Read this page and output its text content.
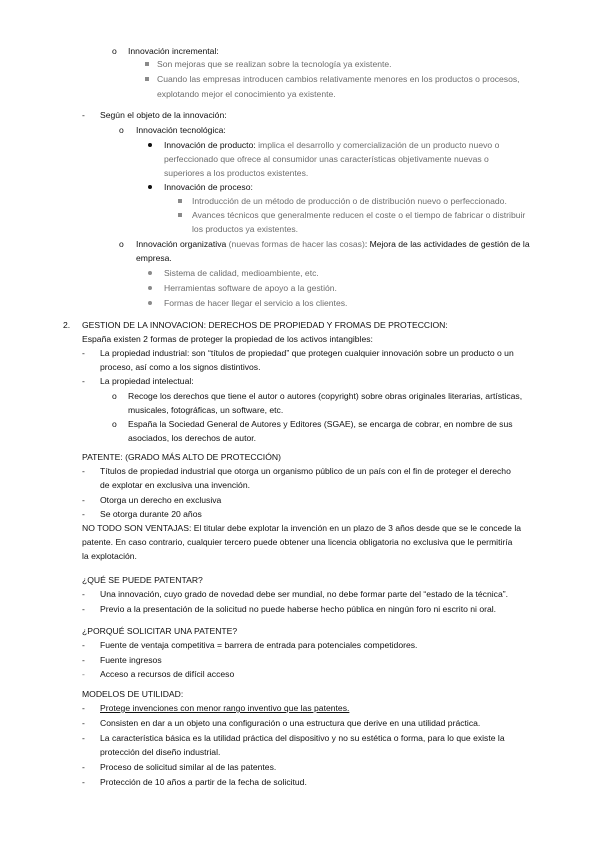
o Innovación incremental:
Son mejoras que se realizan sobre la tecnología ya existente.
Cuando las empresas introducen cambios relativamente menores en los productos o procesos,
explotando mejor el conocimiento ya existente.
- Según el objeto de la innovación:
o Innovación tecnológica:
Innovación de producto: implica el desarrollo y comercialización de un producto nuevo o
perfeccionado que ofrece al consumidor unas características objetivamente nuevas o
superiores a los productos existentes.
Innovación de proceso:
Introducción de un método de producción o de distribución nuevo o perfeccionado.
Avances técnicos que generalmente reducen el coste o el tiempo de fabricar o distribuir
los productos ya existentes.
o Innovación organizativa (nuevas formas de hacer las cosas): Mejora de las actividades de gestión de la
empresa.
Sistema de calidad, medioambiente, etc.
Herramientas software de apoyo a la gestión.
Formas de hacer llegar el servicio a los clientes.
2. GESTION DE LA INNOVACION: DERECHOS DE PROPIEDAD Y FROMAS DE PROTECCION:
España existen 2 formas de proteger la propiedad de los activos intangibles:
- La propiedad industrial: son “títulos de propiedad” que protegen cualquier innovación sobre un producto o un
proceso, así como a los signos distintivos.
- La propiedad intelectual:
o Recoge los derechos que tiene el autor o autores (copyright) sobre obras originales literarias, artísticas,
musicales, fotográficas, un software, etc.
o España la Sociedad General de Autores y Editores (SGAE), se encarga de cobrar, en nombre de sus
asociados, los derechos de autor.
PATENTE: (GRADO MÁS ALTO DE PROTECCIÓN)
- Títulos de propiedad industrial que otorga un organismo público de un país con el fin de proteger el derecho
de explotar en exclusiva una invención.
- Otorga un derecho en exclusiva
- Se otorga durante 20 años
NO TODO SON VENTAJAS: El titular debe explotar la invención en un plazo de 3 años desde que se le concede la
patente. En caso contrario, cualquier tercero puede obtener una licencia obligatoria no exclusiva que le permitiría
la explotación.
¿QUÉ SE PUEDE PATENTAR?
- Una innovación, cuyo grado de novedad debe ser mundial, no debe formar parte del “estado de la técnica”.
- Previo a la presentación de la solicitud no puede haberse hecho pública en ningún foro ni escrito ni oral.
¿PORQUÉ SOLICITAR UNA PATENTE?
- Fuente de ventaja competitiva = barrera de entrada para potenciales competidores.
- Fuente ingresos
- Acceso a recursos de difícil acceso
MODELOS DE UTILIDAD:
- Protege invenciones con menor rango inventivo que las patentes.
- Consisten en dar a un objeto una configuración o una estructura que derive en una utilidad práctica.
- La característica básica es la utilidad práctica del dispositivo y no su estética o forma, para lo que existe la
protección del diseño industrial.
- Proceso de solicitud similar al de las patentes.
- Protección de 10 años a partir de la fecha de solicitud.
